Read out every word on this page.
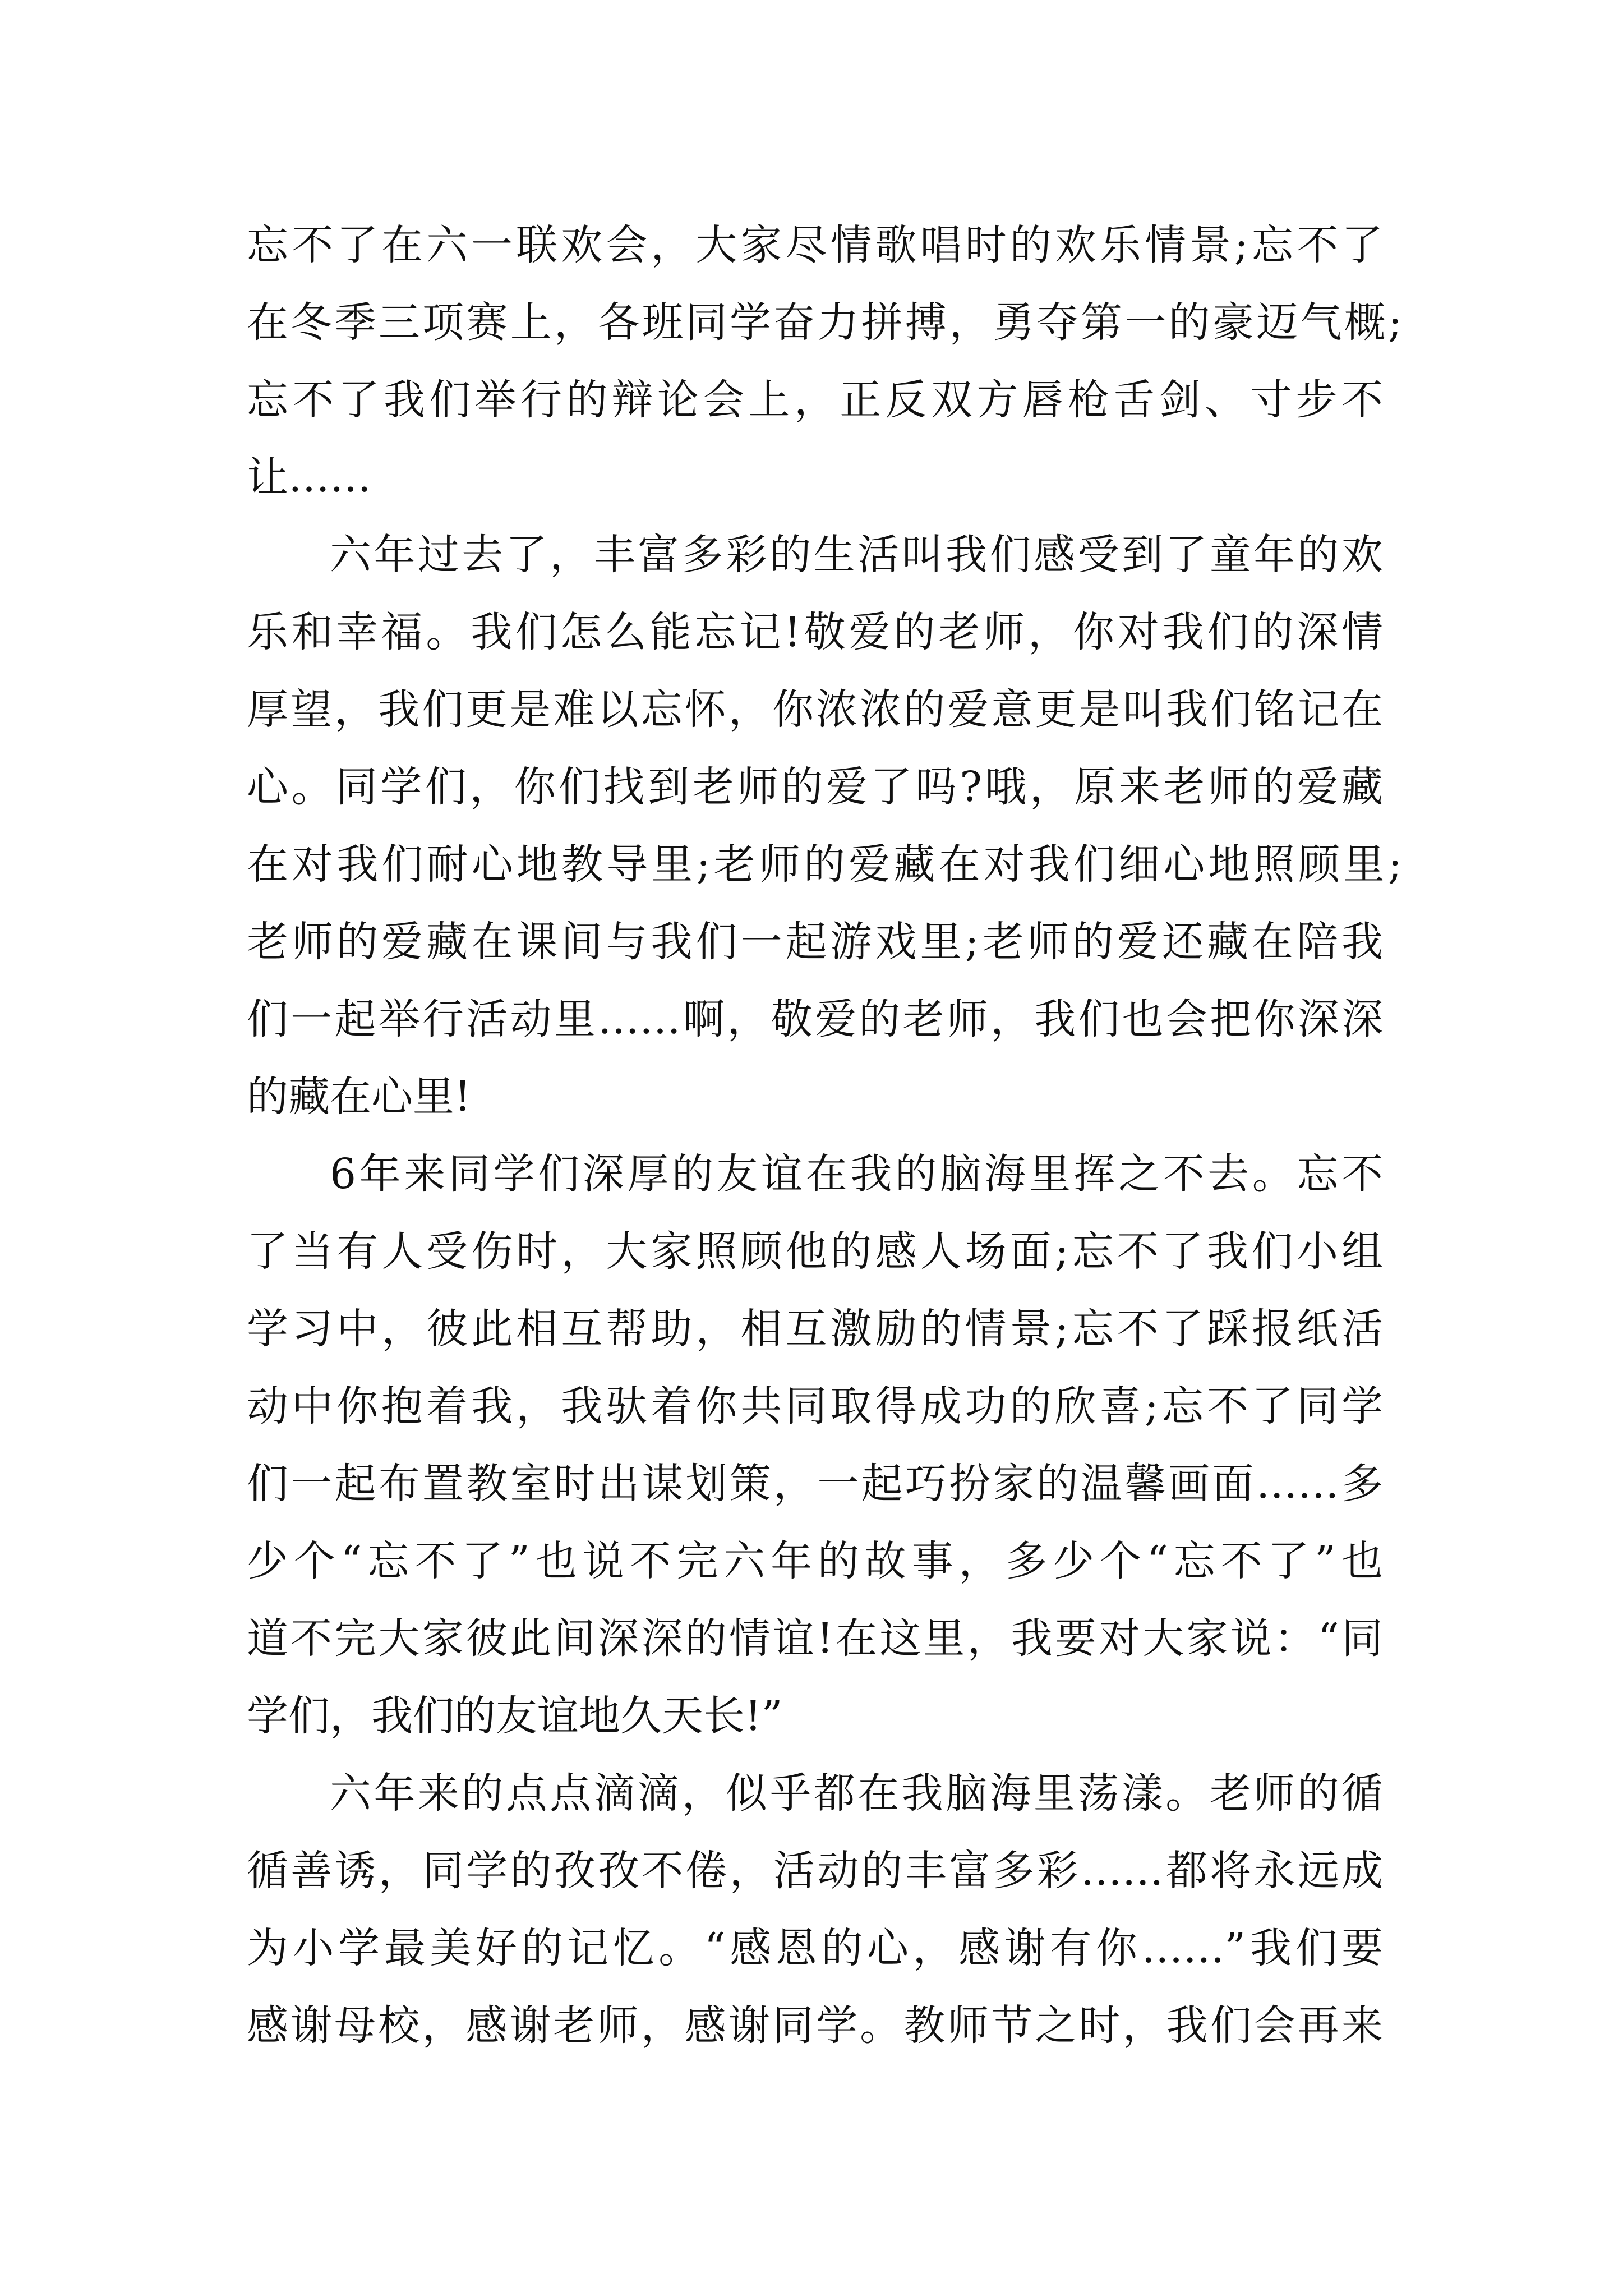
忘不了在六一联欢会，大家尽情歌唱时的欢乐情景;忘不了
在冬季三项赛上，各班同学奋力拼搏，勇夺第一的豪迈气概;
忘不了我们举行的辩论会上，正反双方唇枪舌剑、寸步不
让……
六年过去了，丰富多彩的生活叫我们感受到了童年的欢
乐和幸福。我们怎么能忘记!敬爱的老师，你对我们的深情
厚望，我们更是难以忘怀，你浓浓的爱意更是叫我们铭记在
心。同学们，你们找到老师的爱了吗?哦，原来老师的爱藏
在对我们耐心地教导里;老师的爱藏在对我们细心地照顾里;
老师的爱藏在课间与我们一起游戏里;老师的爱还藏在陪我
们一起举行活动里……啊，敬爱的老师，我们也会把你深深
的藏在心里!
6年来同学们深厚的友谊在我的脑海里挥之不去。忘不
了当有人受伤时，大家照顾他的感人场面;忘不了我们小组
学习中，彼此相互帮助，相互激励的情景;忘不了踩报纸活
动中你抱着我，我驮着你共同取得成功的欣喜;忘不了同学
们一起布置教室时出谋划策，一起巧扮家的温馨画面……多
少个“忘不了”也说不完六年的故事，多少个“忘不了”也
道不完大家彼此间深深的情谊!在这里，我要对大家说：“同
学们，我们的友谊地久天长!”
六年来的点点滴滴，似乎都在我脑海里荡漾。老师的循
循善诱，同学的孜孜不倦，活动的丰富多彩……都将永远成
为小学最美好的记忆。“感恩的心，感谢有你……”我们要
感谢母校，感谢老师，感谢同学。教师节之时，我们会再来
